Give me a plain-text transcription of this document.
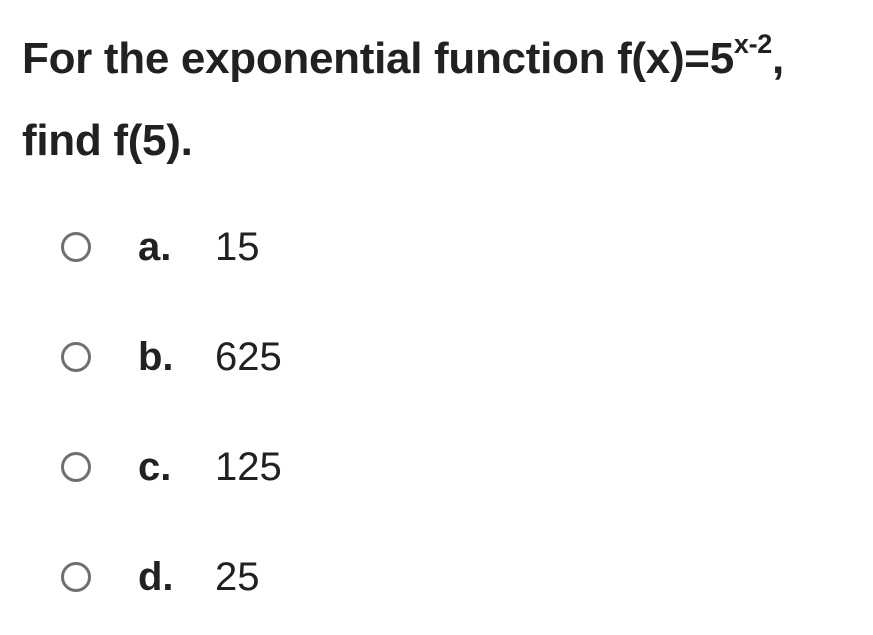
For the exponential function $f(x)=5^{x-2}$, find f(5).
a. 15
b. 625
c. 125
d. 25
